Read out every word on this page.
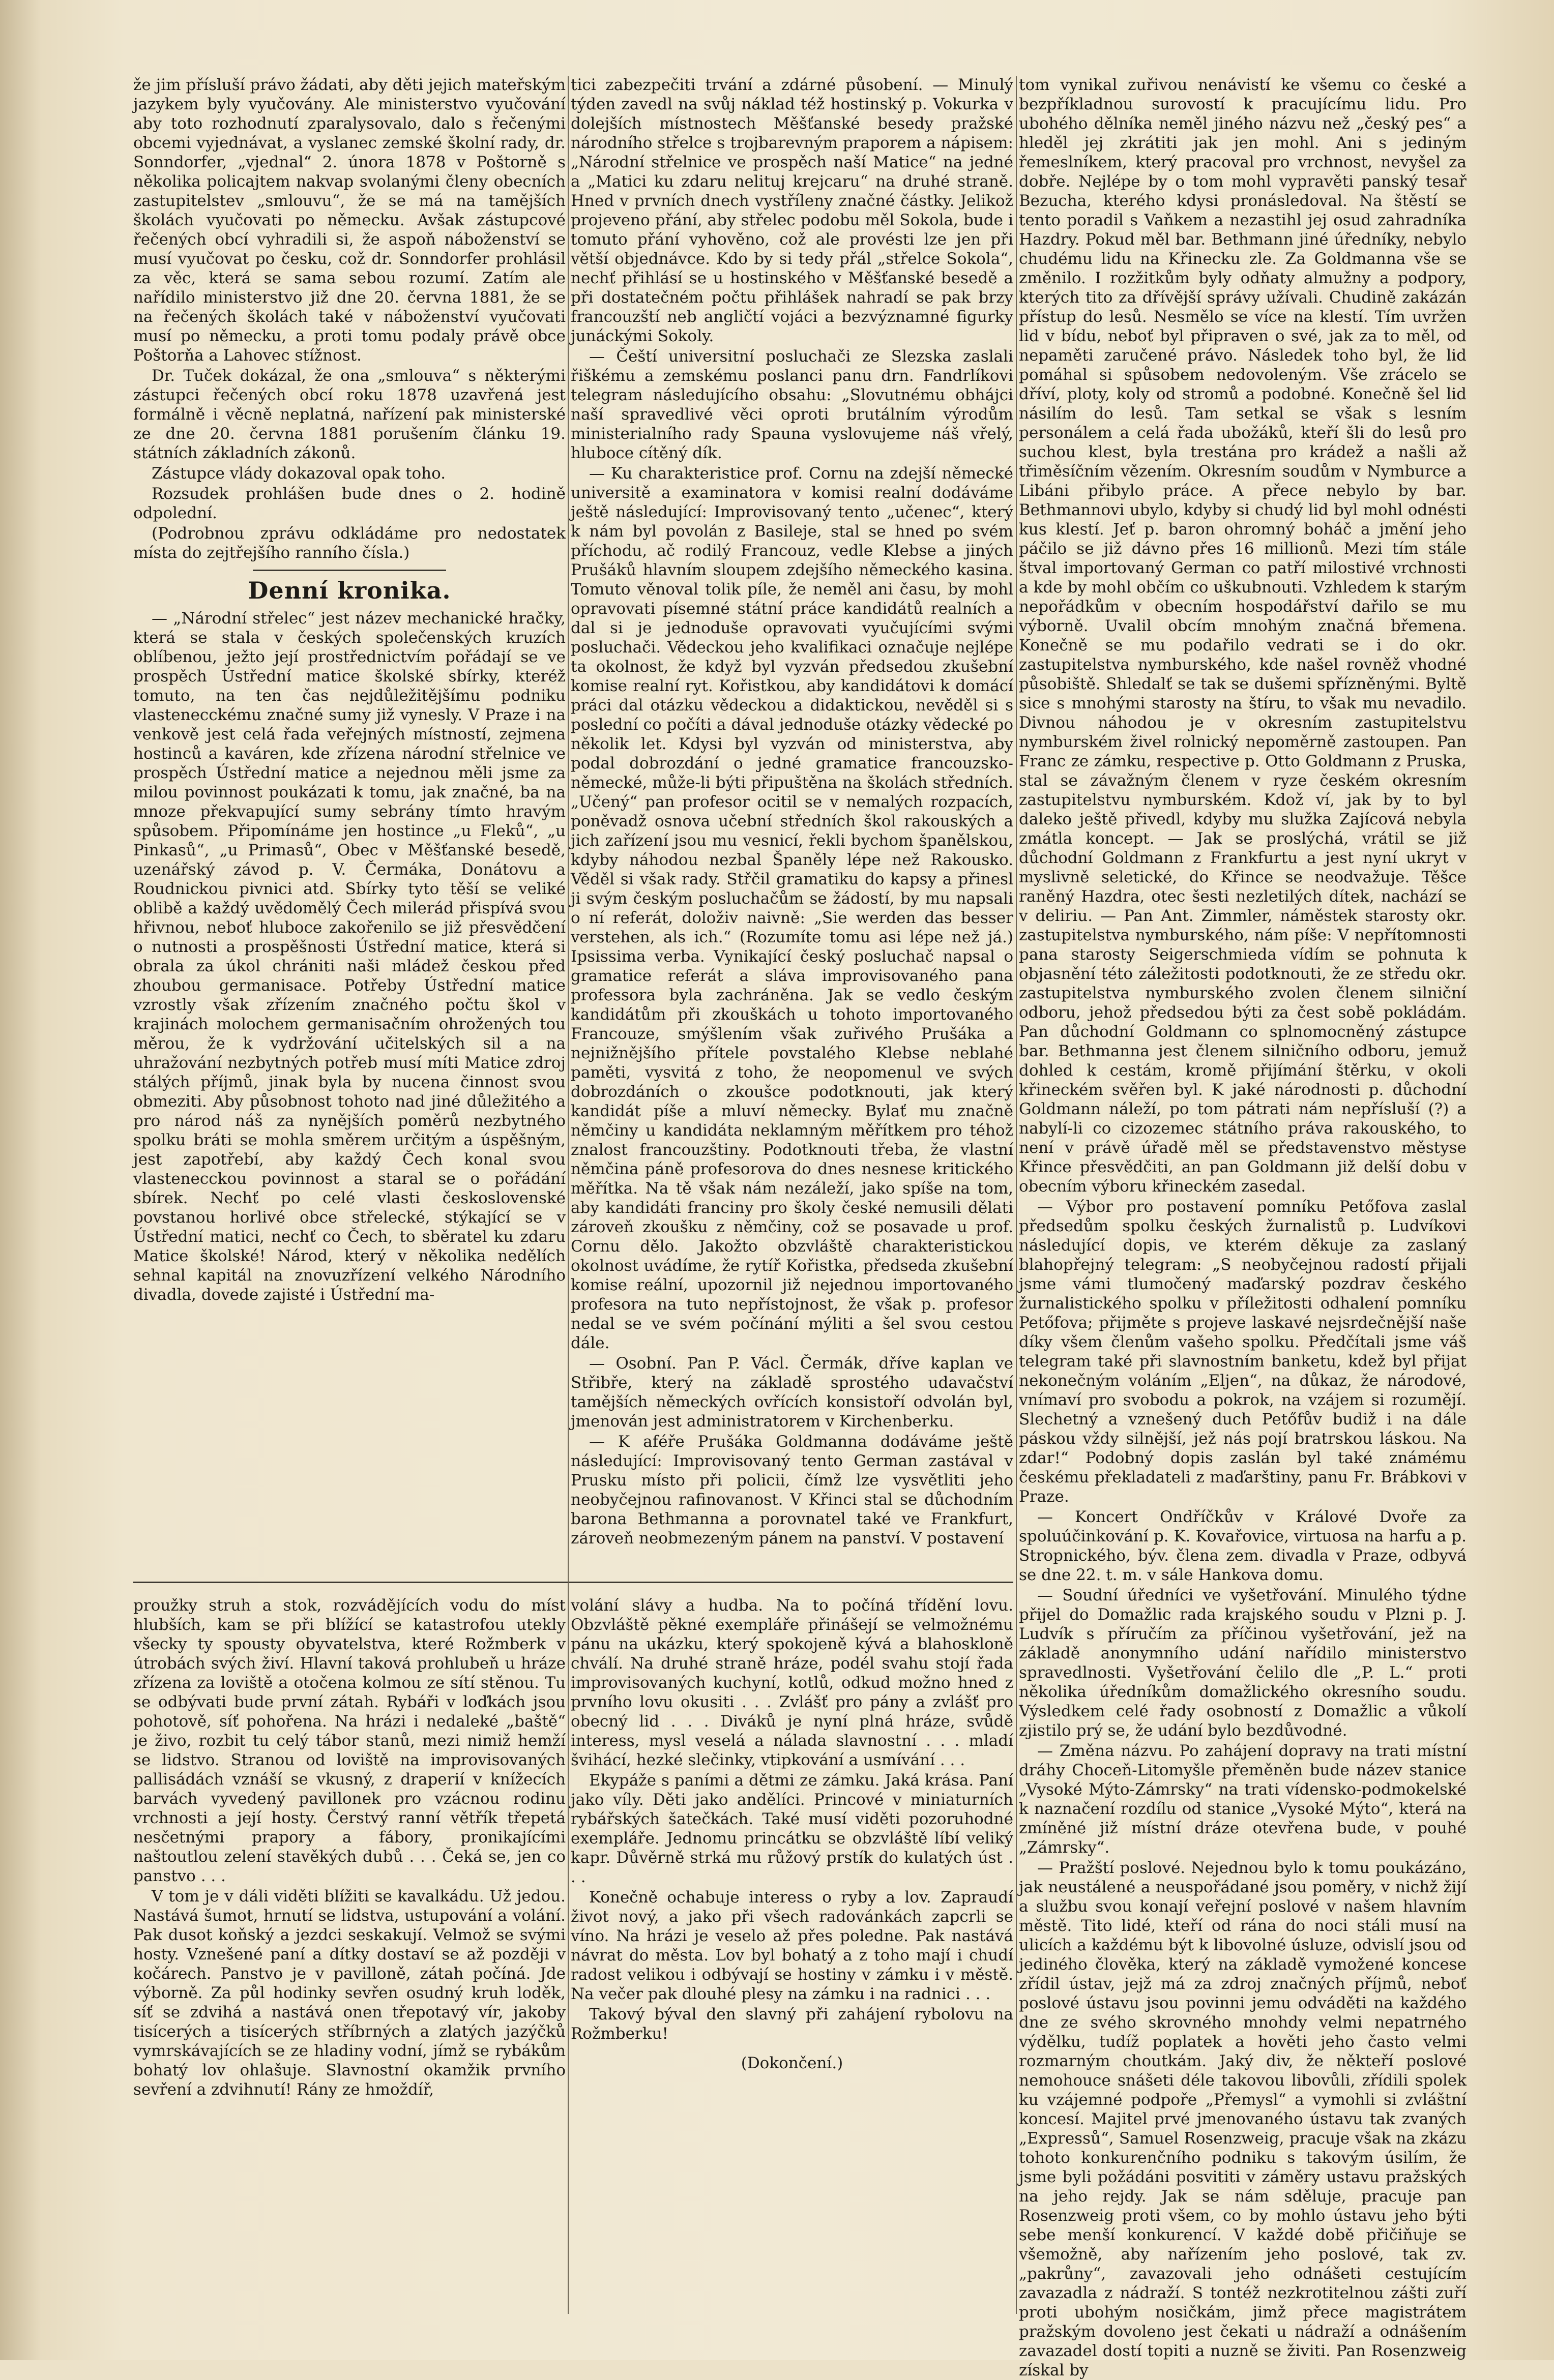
že jim přísluší právo žádati, aby děti jejich mateřským jazykem byly vyučovány. Ale ministerstvo vyučování aby toto rozhodnutí zparalysovalo, dalo s řečenými obcemi vyjednávat, a vyslanec zemské školní rady, dr. Sonndorfer, „vjednal“ 2. února 1878 v Poštorně s několika policajtem nakvap svolanými členy obecních zastupitelstev „smlouvu“, že se má na tamějších školách vyučovati po německu. Avšak zástupcové řečených obcí vyhradili si, že aspoň náboženství se musí vyučovat po česku, což dr. Sonndorfer prohlásil za věc, která se sama sebou rozumí. Zatím ale nařídilo ministerstvo již dne 20. června 1881, že se na řečených školách také v náboženství vyučovati musí po německu, a proti tomu podaly právě obce Poštorňa a Lahovec stížnost.

Dr. Tuček dokázal, že ona „smlouva“ s některými zástupci řečených obcí roku 1878 uzavřená jest formálně i věcně neplatná, nařízení pak ministerské ze dne 20. června 1881 porušením článku 19. státních základních zákonů.

Zástupce vlády dokazoval opak toho.

Rozsudek prohlášen bude dnes o 2. hodině odpolední.

(Podrobnou zprávu odkládáme pro nedostatek místa do zejtřejšího ranního čísla.)

Denní kronika.

— „Národní střelec“ jest název mechanické hračky, která se stala v českých společenských kruzích oblíbenou, ježto její prostřednictvím pořádají se ve prospěch Ústřední matice školské sbírky, kteréž tomuto, na ten čas nejdůležitějšímu podniku vlastenecckému značné sumy již vynesly. V Praze i na venkově jest celá řada veřejných místností, zejmena hostinců a kaváren, kde zřízena národní střelnice ve prospěch Ústřední matice a nejednou měli jsme za milou povinnost poukázati k tomu, jak značné, ba na mnoze překvapující sumy sebrány tímto hravým spůsobem. Připomínáme jen hostince „u Fleků“, „u Pinkasů“, „u Primasů“, Obec v Měšťanské besedě, uzenářský závod p. V. Čermáka, Donátovu a Roudnickou pivnici atd. Sbírky tyto těší se veliké oblibě a každý uvědomělý Čech milerád přispívá svou hřivnou, neboť hluboce zakořenilo se již přesvědčení o nutnosti a prospěšnosti Ústřední matice, která si obrala za úkol chrániti naši mládež českou před zhoubou germanisace. Potřeby Ústřední matice vzrostly však zřízením značného počtu škol v krajinách molochem germanisačním ohrožených tou měrou, že k vydržování učitelských sil a na uhražování nezbytných potřeb musí míti Matice zdroj stálých příjmů, jinak byla by nucena činnost svou obmeziti. Aby působnost tohoto nad jiné důležitého a pro národ náš za nynějších poměrů nezbytného spolku bráti se mohla směrem určitým a úspěšným, jest zapotřebí, aby každý Čech konal svou vlastenecckou povinnost a staral se o pořádání sbírek. Nechť po celé vlasti československé povstanou horlivé obce střelecké, stýkající se v Ústřední matici, nechť co Čech, to sběratel ku zdaru Matice školské! Národ, který v několika nedělích sehnal kapitál na znovuzřízení velkého Národního divadla, dovede zajisté i Ústřední ma-

tici zabezpečiti trvání a zdárné působení. — Minulý týden zavedl na svůj náklad též hostinský p. Vokurka v dolejších místnostech Měšťanské besedy pražské národního střelce s trojbarevným praporem a nápisem: „Národní střelnice ve prospěch naší Matice“ na jedné a „Matici ku zdaru nelituj krejcaru“ na druhé straně. Hned v prvních dnech vystříleny značné částky. Jelikož projeveno přání, aby střelec podobu měl Sokola, bude i tomuto přání vyhověno, což ale provésti lze jen při větší objednávce. Kdo by si tedy přál „střelce Sokola“, nechť přihlásí se u hostinského v Měšťanské besedě a při dostatečném počtu přihlášek nahradí se pak brzy francouzští neb angličtí vojáci a bezvýznamné figurky junáckými Sokoly.

— Čeští universitní posluchači ze Slezska zaslali řiškému a zemskému poslanci panu drn. Fandrlíkovi telegram následujícího obsahu: „Slovutnému obhájci naší spravedlivé věci oproti brutálním výrodům ministerialního rady Spauna vyslovujeme náš vřelý, hluboce cítěný dík.

— Ku charakteristice prof. Cornu na zdejší německé universitě a examinatora v komisi realní dodáváme ještě následující: Improvisovaný tento „učenec“, který k nám byl povolán z Basileje, stal se hned po svém příchodu, ač rodilý Francouz, vedle Klebse a jiných Prušáků hlavním sloupem zdejšího německého kasina. Tomuto věnoval tolik píle, že neměl ani času, by mohl opravovati písemné státní práce kandidátů realních a dal si je jednoduše opravovati vyučujícími svými posluchači. Vědeckou jeho kvalifikaci označuje nejlépe ta okolnost, že když byl vyzván předsedou zkušební komise realní ryt. Kořistkou, aby kandidátovi k domácí práci dal otázku vědeckou a didaktickou, nevěděl si s poslední co počíti a dával jednoduše otázky vědecké po několik let. Kdysi byl vyzván od ministerstva, aby podal dobrozdání o jedné gramatice francouzsko-německé, může-li býti připuštěna na školách středních. „Učený“ pan profesor ocitil se v nemalých rozpacích, poněvadž osnova učební středních škol rakouských a jich zařízení jsou mu vesnicí, řekli bychom španělskou, kdyby náhodou nezbal Španěly lépe než Rakousko. Věděl si však rady. Střčil gramatiku do kapsy a přinesl ji svým českým posluchačům se žádostí, by mu napsali o ní referát, doloživ naivně: „Sie werden das besser verstehen, als ich.“ (Rozumíte tomu asi lépe než já.) Ipsissima verba. Vynikající český posluchač napsal o gramatice referát a sláva improvisovaného pana professora byla zachráněna. Jak se vedlo českým kandidátům při zkouškách u tohoto importovaného Francouze, smýšlením však zuřivého Prušáka a nejnižnějšího přítele povstalého Klebse neblahé paměti, vysvitá z toho, že neopomenul ve svých dobrozdáních o zkoušce podotknouti, jak který kandidát píše a mluví německy. Bylať mu značně němčiny u kandidáta neklamným měřítkem pro téhož znalost francouzštiny. Podotknouti třeba, že vlastní němčina páně profesorova do dnes nesnese kritického měřítka. Na tě však nám nezáleží, jako spíše na tom, aby kandidáti franciny pro školy české nemusili dělati zároveň zkoušku z němčiny, což se posavade u prof. Cornu dělo. Jakožto obzvláště charakteristickou okolnost uvádíme, že rytíř Kořistka, předseda zkušební komise reální, upozornil již nejednou importovaného profesora na tuto nepřístojnost, že však p. profesor nedal se ve svém počínání mýliti a šel svou cestou dále.

— Osobní. Pan P. Václ. Čermák, dříve kaplan ve Střibře, který na základě sprostého udavačství tamějších německých ovřících konsistoří odvolán byl, jmenován jest administratorem v Kirchenberku.

— K aféře Prušáka Goldmanna dodáváme ještě následující: Improvisovaný tento German zastával v Prusku místo při policii, čímž lze vysvětliti jeho neobyčejnou rafinovanost. V Křinci stal se důchodním barona Bethmanna a porovnatel také ve Frankfurt, zároveň neobmezeným pánem na panství. V postavení

tom vynikal zuřivou nenávistí ke všemu co české a bezpříkladnou surovostí k pracujícímu lidu. Pro ubohého dělníka neměl jiného názvu než „český pes“ a hleděl jej zkrátiti jak jen mohl. Ani s jediným řemeslníkem, který pracoval pro vrchnost, nevyšel za dobře. Nejlépe by o tom mohl vypravěti panský tesař Bezucha, kterého kdysi pronásledoval. Na štěstí se tento poradil s Vaňkem a nezastihl jej osud zahradníka Hazdry. Pokud měl bar. Bethmann jiné úředníky, nebylo chudému lidu na Křinecku zle. Za Goldmanna vše se změnilo. I rozžitkům byly odňaty almužny a podpory, kterých tito za dřívější správy užívali. Chudině zakázán přístup do lesů. Nesmělo se více na klestí. Tím uvržen lid v bídu, neboť byl připraven o své, jak za to měl, od nepaměti zaručené právo. Následek toho byl, že lid pomáhal si spůsobem nedovoleným. Vše zrácelo se dříví, ploty, koly od stromů a podobné. Konečně šel lid násilím do lesů. Tam setkal se však s lesním personálem a celá řada ubožáků, kteří šli do lesů pro suchou klest, byla trestána pro krádež a našli až třiměsíčním vězením. Okresním soudům v Nymburce a Libáni přibylo práce. A přece nebylo by bar. Bethmannovi ubylo, kdyby si chudý lid byl mohl odnésti kus klestí. Jeť p. baron ohromný boháč a jmění jeho páčilo se již dávno přes 16 millionů. Mezi tím stále štval importovaný German co patří milostivé vrchnosti a kde by mohl občím co uškubnouti. Vzhledem k starým nepořádkům v obecním hospodářství dařilo se mu výborně. Uvalil obcím mnohým značná břemena. Konečně se mu podařilo vedrati se i do okr. zastupitelstva nymburského, kde našel rovněž vhodné působiště. Shledalť se tak se dušemi spřízněnými. Byltě sice s mnohými starosty na štíru, to však mu nevadilo. Divnou náhodou je v okresním zastupitelstvu nymburském živel rolnický nepoměrně zastoupen. Pan Franc ze zámku, respective p. Otto Goldmann z Pruska, stal se závažným členem v ryze českém okresním zastupitelstvu nymburském. Kdož ví, jak by to byl daleko ještě přivedl, kdyby mu služka Zajícová nebyla zmátla koncept. — Jak se proslýchá, vrátil se již důchodní Goldmann z Frankfurtu a jest nyní ukryt v myslivně seletické, do Křince se neodvažuje. Těšce raněný Hazdra, otec šesti nezletilých dítek, nachází se v deliriu. — Pan Ant. Zimmler, náměstek starosty okr. zastupitelstva nymburského, nám píše: V nepřítomnosti pana starosty Seigerschmieda vídím se pohnuta k objasnění této záležitosti podotknouti, že ze středu okr. zastupitelstva nymburského zvolen členem silniční odboru, jehož předsedou býti za čest sobě pokládám. Pan důchodní Goldmann co splnomocněný zástupce bar. Bethmanna jest členem silničního odboru, jemuž dohled k cestám, kromě přijímání štěrku, v okoli křineckém svěřen byl. K jaké národnosti p. důchodní Goldmann náleží, po tom pátrati nám nepřísluší (?) a nabylí-li co cizozemec státního práva rakouského, to není v právě úřadě měl se představenstvo městyse Křince přesvědčiti, an pan Goldmann již delší dobu v obecním výboru křineckém zasedal.

— Výbor pro postavení pomníku Petőfova zaslal předsedům spolku českých žurnalistů p. Ludvíkovi následující dopis, ve kterém děkuje za zaslaný blahopřejný telegram: „S neobyčejnou radostí přijali jsme vámi tlumočený maďarský pozdrav českého žurnalistického spolku v příležitosti odhalení pomníku Petőfova; přijměte s projeve laskavé nejsrdečnější naše díky všem členům vašeho spolku. Předčítali jsme váš telegram také při slavnostním banketu, kdež byl přijat nekonečným voláním „Eljen“, na důkaz, že národové, vnímaví pro svobodu a pokrok, na vzájem si rozumějí. Slechetný a vznešený duch Petőfův budiž i na dále páskou vždy silnější, jež nás pojí bratrskou láskou. Na zdar!“ Podobný dopis zaslán byl také známému českému překladateli z maďarštiny, panu Fr. Brábkovi v Praze.

— Koncert Ondříčkův v Králové Dvoře za spoluúčinkování p. K. Kovařovice, virtuosa na harfu a p. Stropnického, býv. člena zem. divadla v Praze, odbyvá se dne 22. t. m. v sále Hankova domu.

— Soudní úředníci ve vyšetřování. Minulého týdne přijel do Domažlic rada krajského soudu v Plzni p. J. Ludvík s příručím za příčinou vyšetřování, jež na základě anonymního udání nařídilo ministerstvo spravedlnosti. Vyšetřování čelilo dle „P. L.“ proti několika úředníkům domažlického okresního soudu. Výsledkem celé řady osobností z Domažlic a vůkolí zjistilo prý se, že udání bylo bezdůvodné.

— Změna názvu. Po zahájení dopravy na trati místní dráhy Choceň-Litomyšle přeměněn bude název stanice „Vysoké Mýto-Zámrsky“ na trati vídensko-podmokelské k naznačení rozdílu od stanice „Vysoké Mýto“, která na zmíněné již místní dráze otevřena bude, v pouhé „Zámrsky“.

— Pražští poslové. Nejednou bylo k tomu poukázáno, jak neustálené a neuspořádané jsou poměry, v nichž žijí a službu svou konají veřejní poslové v našem hlavním městě. Tito lidé, kteří od rána do noci stáli musí na ulicích a každému být k libovolné úsluze, odvislí jsou od jediného člověka, který na základě vymožené koncese zřídil ústav, jejž má za zdroj značných příjmů, neboť poslové ústavu jsou povinni jemu odváděti na každého dne ze svého skrovného mnohdy velmi nepatrného výdělku, tudíž poplatek a hověti jeho často velmi rozmarným choutkám. Jaký div, že někteří poslové nemohouce snášeti déle takovou libovůli, zřídili spolek ku vzájemné podpoře „Přemysl“ a vymohli si zvláštní koncesí. Majitel prvé jmenovaného ústavu tak zvaných „Expressů“, Samuel Rosenzweig, pracuje však na zkázu tohoto konkurenčního podniku s takovým úsilím, že jsme byli požádáni posvititi v záměry ustavu pražských na jeho rejdy. Jak se nám sděluje, pracuje pan Rosenzweig proti všem, co by mohlo ústavu jeho býti sebe menší konkurencí. V každé době přičiňuje se všemožně, aby nařízením jeho poslové, tak zv. „pakrůny“, zavazovali jeho odnášeti cestujícím zavazadla z nádraží. S tontéž nezkrotitelnou zášti zuří proti ubohým nosičkám, jimž přece magistrátem pražským dovoleno jest čekati u nádraží a odnášením zavazadel dostí topiti a nuzně se živiti. Pan Rosenzweig získal by

proužky struh a stok, rozvádějících vodu do míst hlubších, kam se při blížící se katastrofou utekly všecky ty spousty obyvatelstva, které Rožmberk v útrobách svých živí. Hlavní taková prohlubeň u hráze zřízena za loviště a otočena kolmou ze sítí stěnou. Tu se odbývati bude první zátah. Rybáři v loďkách jsou pohotově, síť pohořena. Na hrázi i nedaleké „baště“ je živo, rozbit tu celý tábor stanů, mezi nimiž hemží se lidstvo. Stranou od loviště na improvisovaných pallisádách vznáší se vkusný, z draperií v knížecích barvách vyvedený pavillonek pro vzácnou rodinu vrchnosti a její hosty. Čerstvý ranní větřík třepetá nesčetnými prapory a fábory, pronikajícími naštoutlou zelení stavěkých dubů . . . Čeká se, jen co panstvo . . .

V tom je v dáli viděti blížiti se kavalkádu. Už jedou. Nastává šumot, hrnutí se lidstva, ustupování a volání. Pak dusot koňský a jezdci seskakují. Velmož se svými hosty. Vznešené paní a dítky dostaví se až později v kočárech. Panstvo je v pavilloně, zátah počíná. Jde výborně. Za půl hodinky sevřen osudný kruh loděk, síť se zdvihá a nastává onen třepotavý vír, jakoby tisícerých a tisícerých stříbrných a zlatých jazýčků vymrskávajících se ze hladiny vodní, jímž se rybákům bohatý lov ohlašuje. Slavnostní okamžik prvního sevření a zdvihnutí! Rány ze hmoždíř,

volání slávy a hudba. Na to počíná třídění lovu. Obzvláště pěkné exempláře přinášejí se velmožnému pánu na ukázku, který spokojeně kývá a blahoskloně chválí. Na druhé straně hráze, podél svahu stojí řada improvisovaných kuchyní, kotlů, odkud možno hned z prvního lovu okusiti . . . Zvlášť pro pány a zvlášť pro obecný lid . . . Diváků je nyní plná hráze, svůdě interess, mysl veselá a nálada slavnostní . . . mladí švihácí, hezké slečinky, vtipkování a usmívání . . .

Ekypáže s paními a dětmi ze zámku. Jaká krása. Paní jako víly. Děti jako andělíci. Princové v miniaturních rybářských šatečkách. Také musí viděti pozoruhodné exempláře. Jednomu princátku se obzvláště líbí veliký kapr. Důvěrně strká mu růžový prstík do kulatých úst . . .

Konečně ochabuje interess o ryby a lov. Zapraudí život nový, a jako při všech radovánkách zapcrli se víno. Na hrázi je veselo až přes poledne. Pak nastává návrat do města. Lov byl bohatý a z toho mají i chudí radost velikou i odbývají se hostiny v zámku i v městě. Na večer pak dlouhé plesy na zámku i na radnici . . .

Takový býval den slavný při zahájení rybolovu na Rožmberku!

(Dokončení.)
